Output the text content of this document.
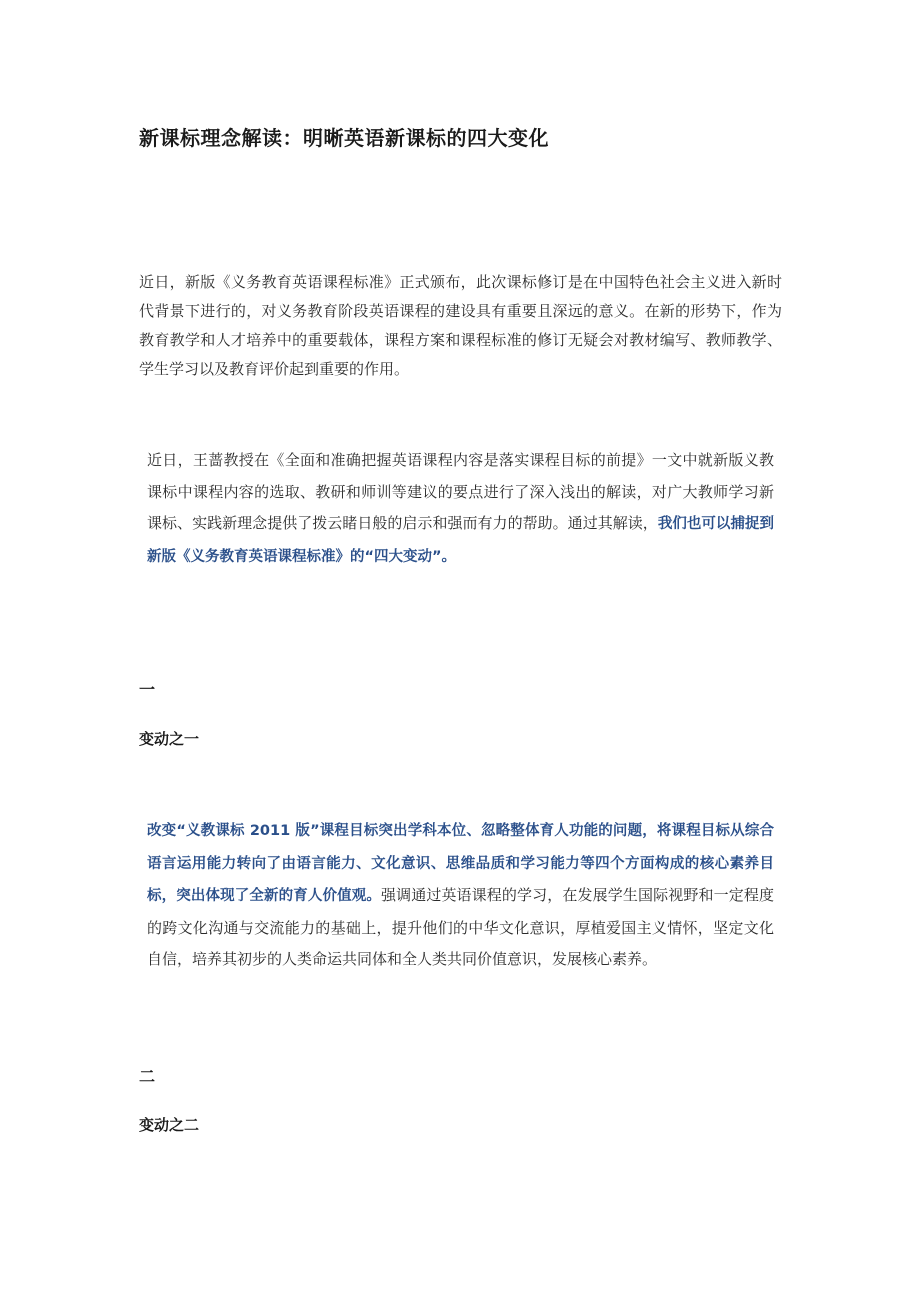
新课标理念解读：明晰英语新课标的四大变化

近日，新版《义务教育英语课程标准》正式颁布，此次课标修订是在中国特色社会主义进入新时代背景下进行的，对义务教育阶段英语课程的建设具有重要且深远的意义。在新的形势下，作为教育教学和人才培养中的重要载体，课程方案和课程标准的修订无疑会对教材编写、教师教学、学生学习以及教育评价起到重要的作用。

近日，王蔷教授在《全面和准确把握英语课程内容是落实课程目标的前提》一文中就新版义教课标中课程内容的选取、教研和师训等建议的要点进行了深入浅出的解读，对广大教师学习新课标、实践新理念提供了拨云睹日般的启示和强而有力的帮助。通过其解读，我们也可以捕捉到新版《义务教育英语课程标准》的“四大变动”。

一
变动之一

改变“义教课标 2011 版”课程目标突出学科本位、忽略整体育人功能的问题，将课程目标从综合语言运用能力转向了由语言能力、文化意识、思维品质和学习能力等四个方面构成的核心素养目标，突出体现了全新的育人价值观。强调通过英语课程的学习，在发展学生国际视野和一定程度的跨文化沟通与交流能力的基础上，提升他们的中华文化意识，厚植爱国主义情怀，坚定文化自信，培养其初步的人类命运共同体和全人类共同价值意识，发展核心素养。

二
变动之二
